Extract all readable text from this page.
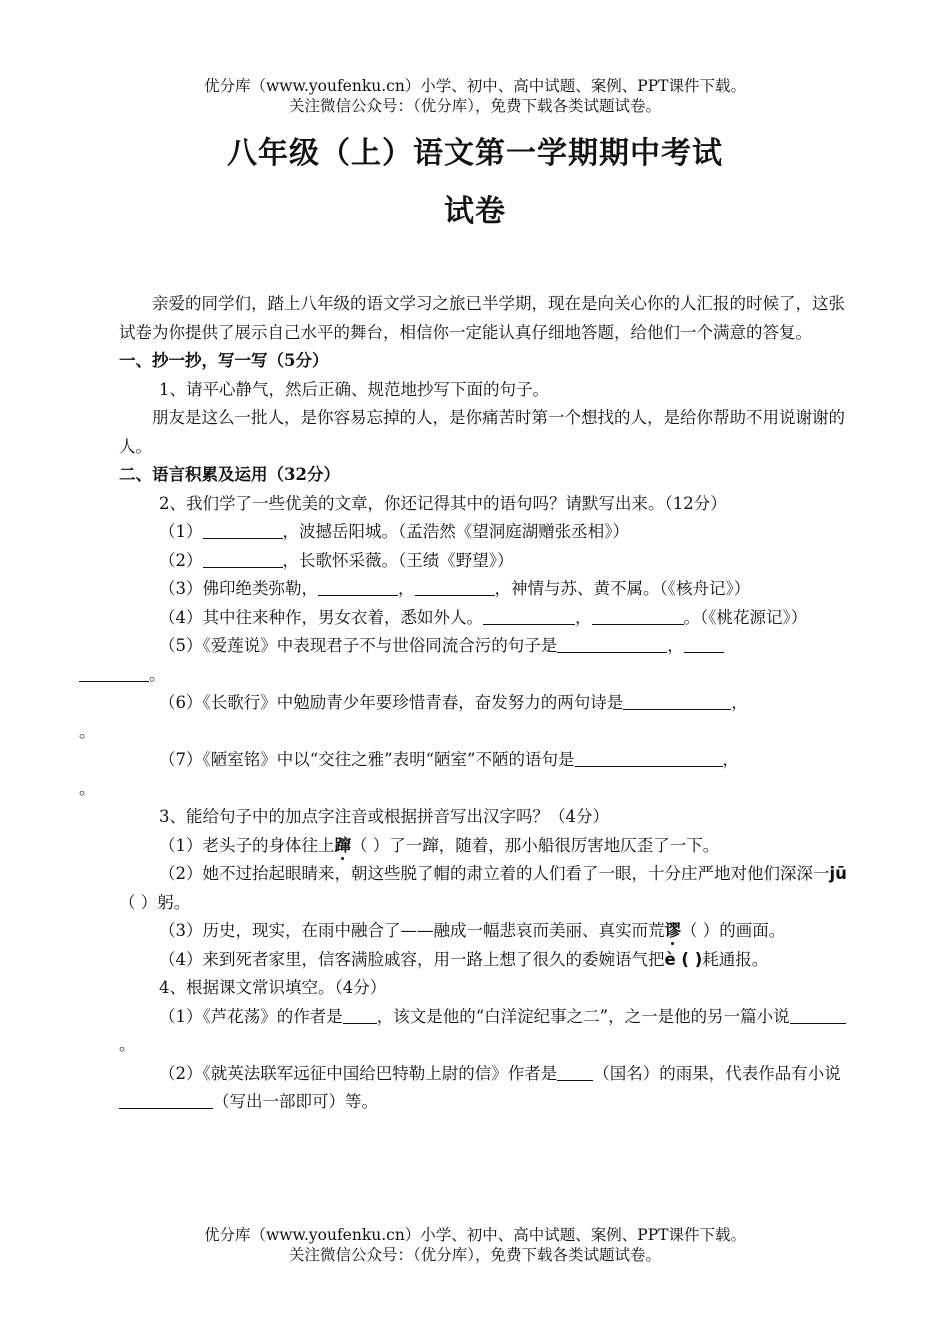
优分库（www.youfenku.cn）小学、初中、高中试题、案例、PPT课件下载。
关注微信公众号：（优分库），免费下载各类试题试卷。
八年级（上）语文第一学期期中考试
试卷

亲爱的同学们，踏上八年级的语文学习之旅已半学期，现在是向关心你的人汇报的时候了，这张试卷为你提供了展示自己水平的舞台，相信你一定能认真仔细地答题，给他们一个满意的答复。

一、抄一抄，写一写（5分）

1、请平心静气，然后正确、规范地抄写下面的句子。

朋友是这么一批人，是你容易忘掉的人，是你痛苦时第一个想找的人，是给你帮助不用说谢谢的人。

二、语言积累及运用（32分）

2、我们学了一些优美的文章，你还记得其中的语句吗？请默写出来。（12分）

（1）	，波撼岳阳城。（孟浩然《望洞庭湖赠张丞相》）

（2）	，长歌怀采薇。（王绩《野望》）

（3）佛印绝类弥勒，	，	，神情与苏、黄不属。（《核舟记》）

（4）其中往来种作，男女衣着，悉如外人。	，	。（《桃花源记》）

（5）《爱莲说》中表现君子不与世俗同流合污的句子是	，
。

（6）《长歌行》中勉励青少年要珍惜青春，奋发努力的两句诗是	，
。

（7）《陋室铭》中以“交往之雅”表明“陋室”不陋的语句是	，
。

3、能给句子中的加点字注音或根据拼音写出汉字吗？（4分）

（1）老头子的身体往上蹿（ ）了一蹿，随着，那小船很厉害地仄歪了一下。

（2）她不过抬起眼睛来，朝这些脱了帽的肃立着的人们看了一眼，十分庄严地对他们深深一jū（ ）躬。

（3）历史，现实，在雨中融合了——融成一幅悲哀而美丽、真实而荒谬（ ）的画面。

（4）来到死者家里，信客满脸戚容，用一路上想了很久的委婉语气把è ( )耗通报。

4、根据课文常识填空。（4分）

（1）《芦花荡》的作者是 ，该文是他的“白洋淀纪事之二”，之一是他的另一篇小说。

（2）《就英法联军远征中国给巴特勒上尉的信》作者是 （国名）的雨果，代表作品有小说（写出一部即可）等。

优分库（www.youfenku.cn）小学、初中、高中试题、案例、PPT课件下载。
关注微信公众号：（优分库），免费下载各类试题试卷。
